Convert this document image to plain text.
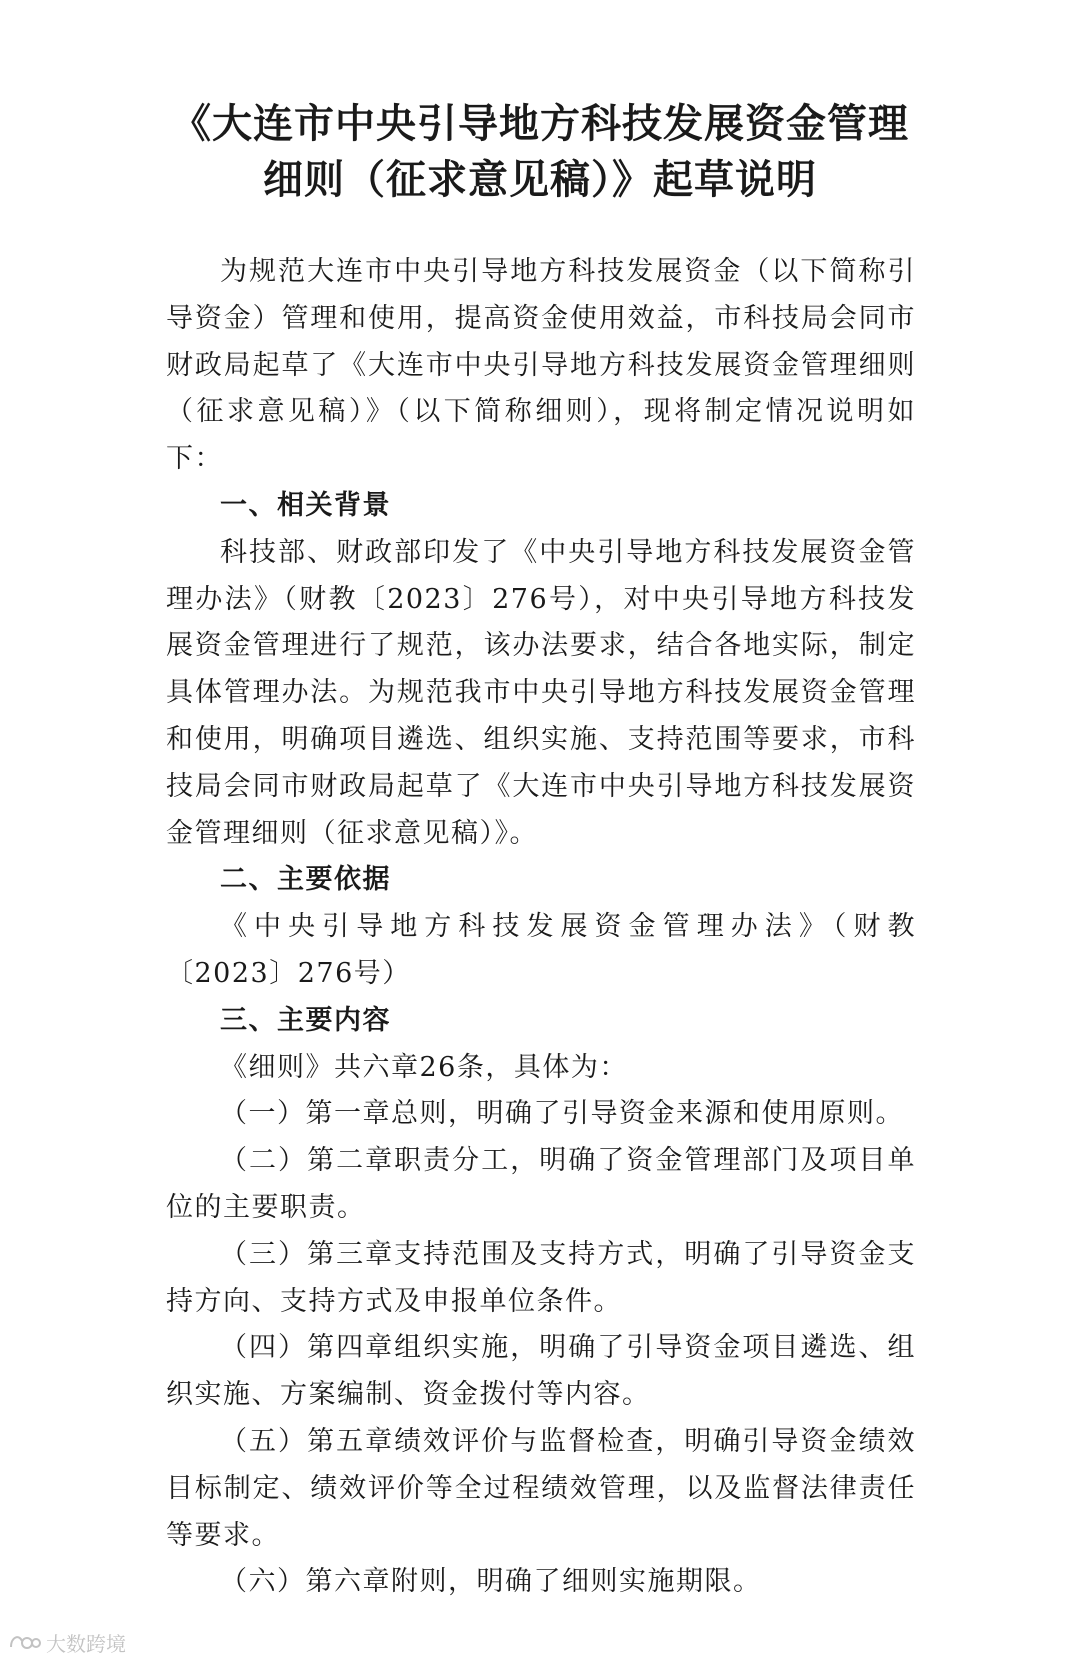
《大连市中央引导地方科技发展资金管理
细则（征求意见稿）》起草说明

为规范大连市中央引导地方科技发展资金（以下简称引导资金）管理和使用，提高资金使用效益，市科技局会同市财政局起草了《大连市中央引导地方科技发展资金管理细则（征求意见稿）》（以下简称细则），现将制定情况说明如下：

一、相关背景

科技部、财政部印发了《中央引导地方科技发展资金管理办法》（财教〔2023〕276号），对中央引导地方科技发展资金管理进行了规范，该办法要求，结合各地实际，制定具体管理办法。为规范我市中央引导地方科技发展资金管理和使用，明确项目遴选、组织实施、支持范围等要求，市科技局会同市财政局起草了《大连市中央引导地方科技发展资金管理细则（征求意见稿）》。

二、主要依据

《中央引导地方科技发展资金管理办法》（财教〔2023〕276号）

三、主要内容

《细则》共六章26条，具体为：

（一）第一章总则，明确了引导资金来源和使用原则。

（二）第二章职责分工，明确了资金管理部门及项目单位的主要职责。

（三）第三章支持范围及支持方式，明确了引导资金支持方向、支持方式及申报单位条件。

（四）第四章组织实施，明确了引导资金项目遴选、组织实施、方案编制、资金拨付等内容。

（五）第五章绩效评价与监督检查，明确引导资金绩效目标制定、绩效评价等全过程绩效管理，以及监督法律责任等要求。

（六）第六章附则，明确了细则实施期限。

大数跨境
